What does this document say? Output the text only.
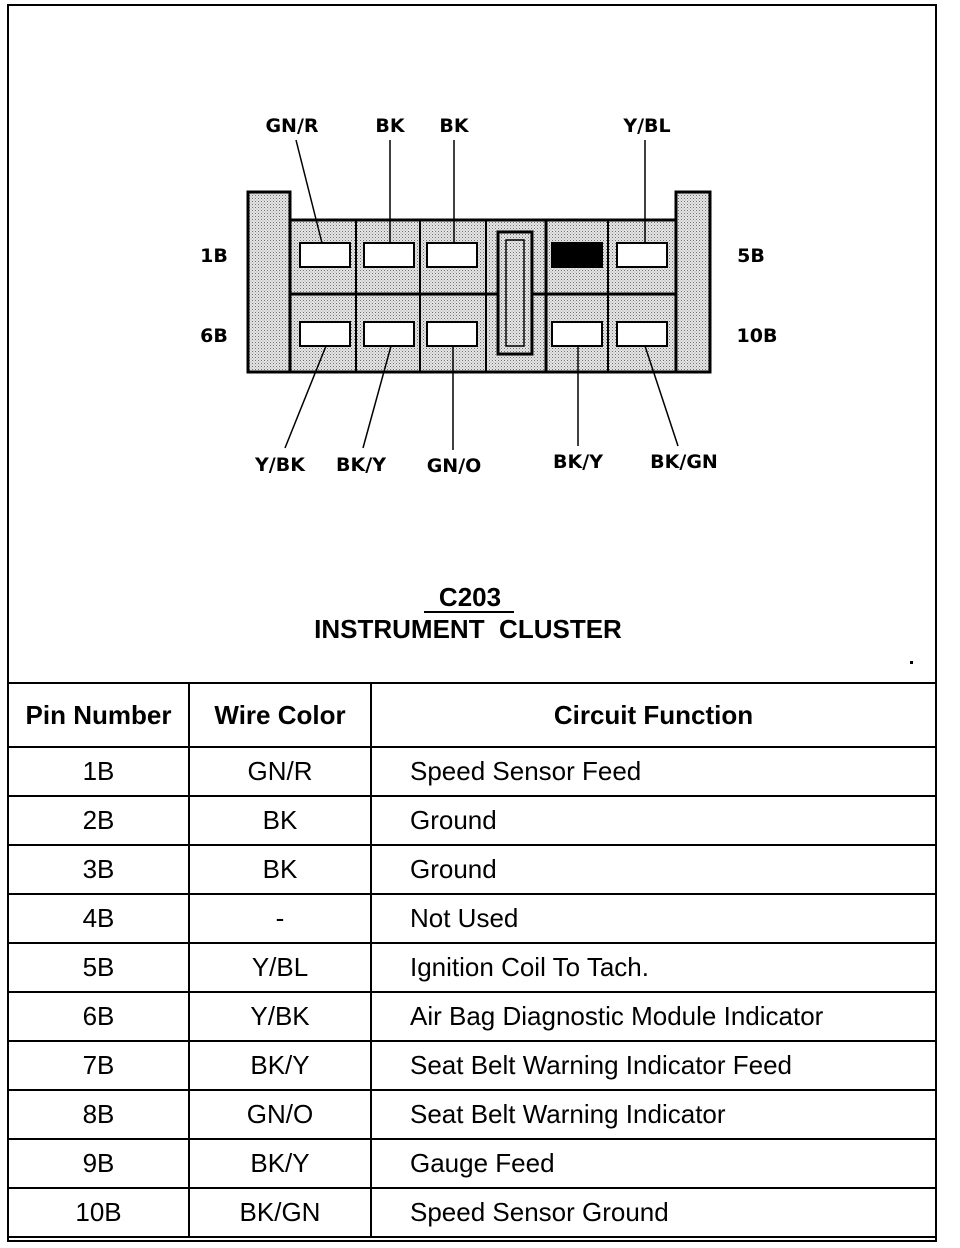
GN/R	BK BK	Y/BL
1B
6B
5B
10B
Y/BK BK/Y GN/O	BK/Y BK/GN
C203
INSTRUMENT  CLUSTER
Pin Number	Wire Color	Circuit Function
1B	GN/R	Speed Sensor Feed
2B	BK	Ground
3B	BK	Ground
4B	-	Not Used
5B	Y/BL	Ignition Coil To Tach.
6B	Y/BK	Air Bag Diagnostic Module Indicator
7B	BK/Y	Seat Belt Warning Indicator Feed
8B	GN/O	Seat Belt Warning Indicator
9B	BK/Y	Gauge Feed
10B	BK/GN	Speed Sensor Ground
